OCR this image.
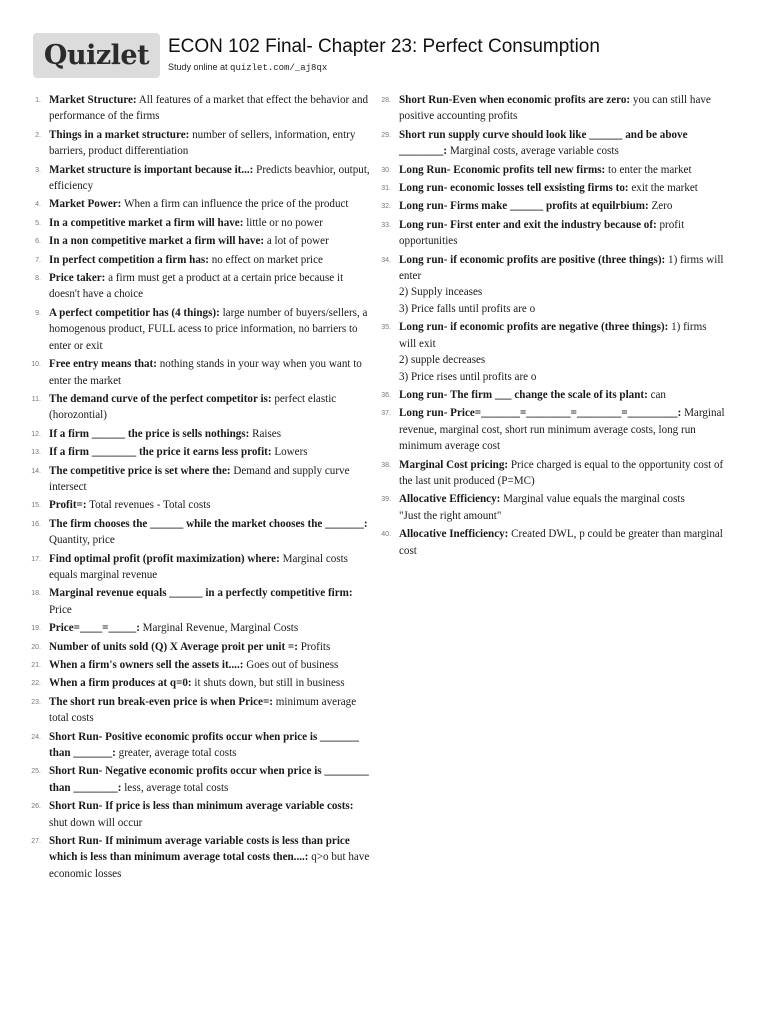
Quizlet ECON 102 Final- Chapter 23: Perfect Consumption
Study online at quizlet.com/_aj8qx
1. Market Structure: All features of a market that effect the behavior and performance of the firms
2. Things in a market structure: number of sellers, information, entry barriers, product differentiation
3. Market structure is important because it...: Predicts beavhior, output, efficiency
4. Market Power: When a firm can influence the price of the product
5. In a competitive market a firm will have: little or no power
6. In a non competitive market a firm will have: a lot of power
7. In perfect competition a firm has: no effect on market price
8. Price taker: a firm must get a product at a certain price because it doesn't have a choice
9. A perfect competitior has (4 things): large number of buyers/sellers, a homogenous product, FULL acess to price information, no barriers to enter or exit
10. Free entry means that: nothing stands in your way when you want to enter the market
11. The demand curve of the perfect competitor is: perfect elastic (horozontial)
12. If a firm ______ the price is sells nothings: Raises
13. If a firm ________ the price it earns less profit: Lowers
14. The competitive price is set where the: Demand and supply curve intersect
15. Profit=: Total revenues - Total costs
16. The firm chooses the ______ while the market chooses the _______: Quantity, price
17. Find optimal profit (profit maximization) where: Marginal costs equals marginal revenue
18. Marginal revenue equals ______ in a perfectly competitive firm: Price
19. Price=____=_____: Marginal Revenue, Marginal Costs
20. Number of units sold (Q) X Average proit per unit =: Profits
21. When a firm's owners sell the assets it....: Goes out of business
22. When a firm produces at q=0: it shuts down, but still in business
23. The short run break-even price is when Price=: minimum average total costs
24. Short Run- Positive economic profits occur when price is _______ than _______: greater, average total costs
25. Short Run- Negative economic profits occur when price is ________ than ________: less, average total costs
26. Short Run- If price is less than minimum average variable costs: shut down will occur
27. Short Run- If minimum average variable costs is less than price which is less than minimum average total costs then....: q>o but have economic losses
28. Short Run-Even when economic profits are zero: you can still have positive accounting profits
29. Short run supply curve should look like ______ and be above ________: Marginal costs, average variable costs
30. Long Run- Economic profits tell new firms: to enter the market
31. Long run- economic losses tell exsisting firms to: exit the market
32. Long run- Firms make ______ profits at equilrbium: Zero
33. Long run- First enter and exit the industry because of: profit opportunities
34. Long run- if economic profits are positive (three things): 1) firms will enter
2) Supply inceases
3) Price falls until profits are o
35. Long run- if economic profits are negative (three things): 1) firms will exit
2) supple decreases
3) Price rises until profits are o
36. Long run- The firm ___ change the scale of its plant: can
37. Long run- Price=_______=________=________=_________: Marginal revenue, marginal cost, short run minimum average costs, long run minimum average cost
38. Marginal Cost pricing: Price charged is equal to the opportunity cost of the last unit produced (P=MC)
39. Allocative Efficiency: Marginal value equals the marginal costs
"Just the right amount"
40. Allocative Inefficiency: Created DWL, p could be greater than marginal cost
